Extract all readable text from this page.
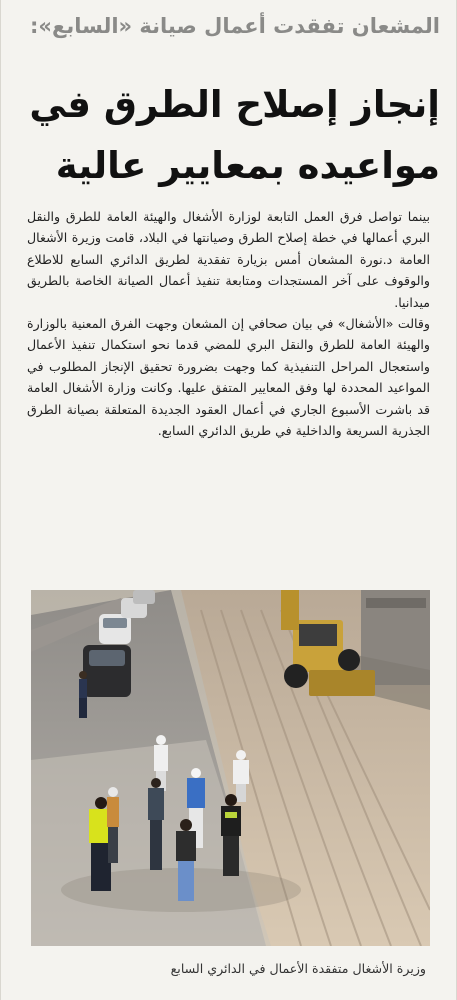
المشعان تفقدت أعمال صيانة «السابع»:
إنجاز إصلاح الطرق في
مواعيده بمعايير عالية

بينما تواصل فرق العمل التابعة لوزارة الأشغال والهيئة العامة للطرق والنقل البري أعمالها في خطة إصلاح الطرق وصيانتها في البلاد، قامت وزيرة الأشغال العامة د.نورة المشعان أمس بزيارة تفقدية لطريق الدائري السابع للاطلاع والوقوف على آخر المستجدات ومتابعة تنفيذ أعمال الصيانة الخاصة بالطريق ميدانيا.

وقالت «الأشغال» في بيان صحافي إن المشعان وجهت الفرق المعنية بالوزارة والهيئة العامة للطرق والنقل البري للمضي قدما نحو استكمال تنفيذ الأعمال واستعجال المراحل التنفيذية كما وجهت بضرورة تحقيق الإنجاز المطلوب في المواعيد المحددة لها وفق المعايير المتفق عليها. وكانت وزارة الأشغال العامة قد باشرت الأسبوع الجاري في أعمال العقود الجديدة المتعلقة بصيانة الطرق الجذرية السريعة والداخلية في طريق الدائري السابع.

وزيرة الأشغال متفقدة الأعمال في الدائري السابع
